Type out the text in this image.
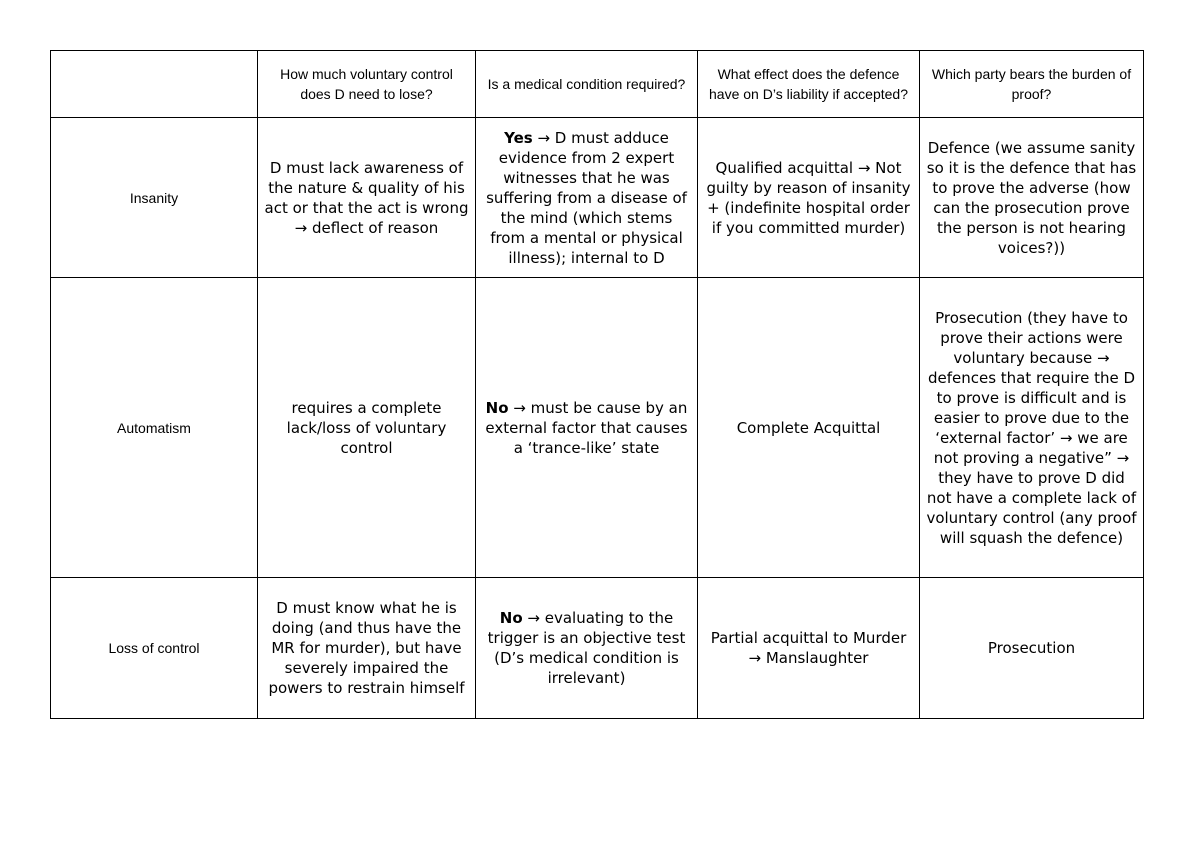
	How much voluntary control does D need to lose?	Is a medical condition required?	What effect does the defence have on D’s liability if accepted?	Which party bears the burden of proof?
Insanity	D must lack awareness of the nature & quality of his act or that the act is wrong → deflect of reason	Yes → D must adduce evidence from 2 expert witnesses that he was suffering from a disease of the mind (which stems from a mental or physical illness); internal to D	Qualified acquittal → Not guilty by reason of insanity + (indefinite hospital order if you committed murder)	Defence (we assume sanity so it is the defence that has to prove the adverse (how can the prosecution prove the person is not hearing voices?))
Automatism	requires a complete lack/loss of voluntary control	No → must be cause by an external factor that causes a ‘trance-like’ state	Complete Acquittal	Prosecution (they have to prove their actions were voluntary because → defences that require the D to prove is difficult and is easier to prove due to the ‘external factor’ → we are not proving a negative” → they have to prove D did not have a complete lack of voluntary control (any proof will squash the defence)
Loss of control	D must know what he is doing (and thus have the MR for murder), but have severely impaired the powers to restrain himself	No → evaluating to the trigger is an objective test (D’s medical condition is irrelevant)	Partial acquittal to Murder → Manslaughter	Prosecution
